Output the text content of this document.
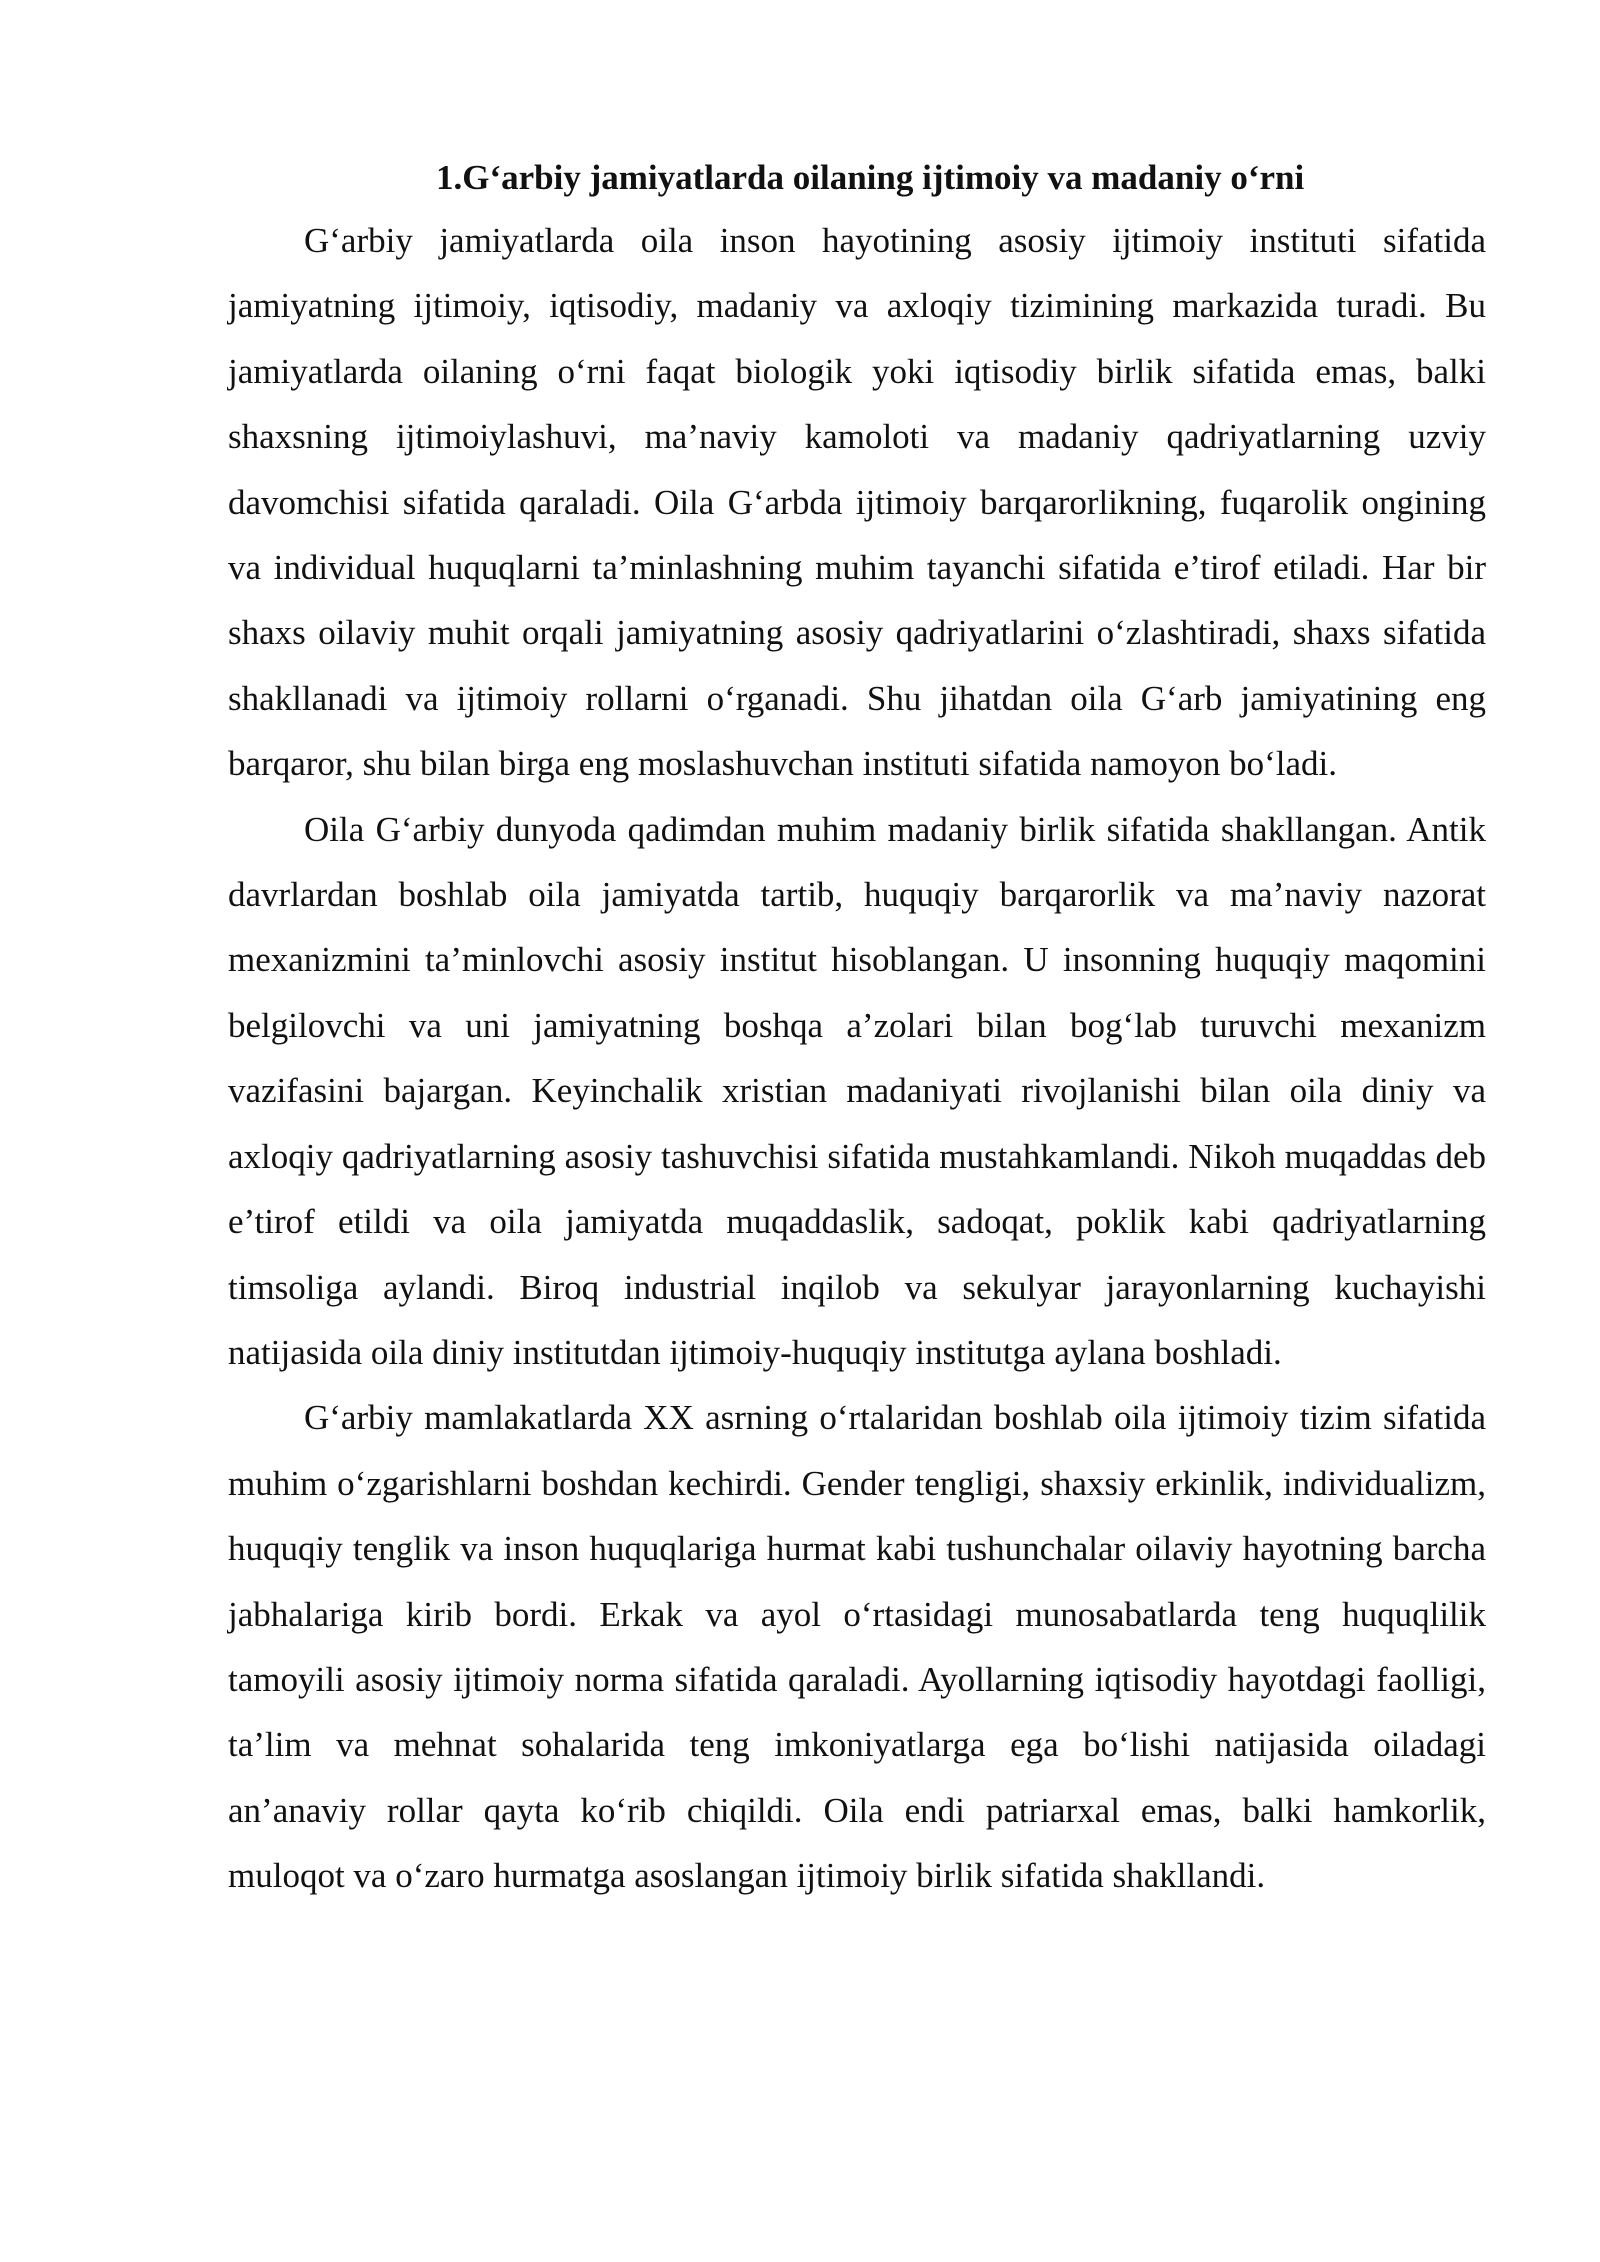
1.G‘arbiy jamiyatlarda oilaning ijtimoiy va madaniy o‘rni

G‘arbiy jamiyatlarda oila inson hayotining asosiy ijtimoiy instituti sifatida jamiyatning ijtimoiy, iqtisodiy, madaniy va axloqiy tizimining markazida turadi. Bu jamiyatlarda oilaning o‘rni faqat biologik yoki iqtisodiy birlik sifatida emas, balki shaxsning ijtimoiylashuvi, ma’naviy kamoloti va madaniy qadriyatlarning uzviy davomchisi sifatida qaraladi. Oila G‘arbda ijtimoiy barqarorlikning, fuqarolik ongining va individual huquqlarni ta’minlashning muhim tayanchi sifatida e’tirof etiladi. Har bir shaxs oilaviy muhit orqali jamiyatning asosiy qadriyatlarini o‘zlashtiradi, shaxs sifatida shakllanadi va ijtimoiy rollarni o‘rganadi. Shu jihatdan oila G‘arb jamiyatining eng barqaror, shu bilan birga eng moslashuvchan instituti sifatida namoyon bo‘ladi.

Oila G‘arbiy dunyoda qadimdan muhim madaniy birlik sifatida shakllangan. Antik davrlardan boshlab oila jamiyatda tartib, huquqiy barqarorlik va ma’naviy nazorat mexanizmini ta’minlovchi asosiy institut hisoblangan. U insonning huquqiy maqomini belgilovchi va uni jamiyatning boshqa a’zolari bilan bog‘lab turuvchi mexanizm vazifasini bajargan. Keyinchalik xristian madaniyati rivojlanishi bilan oila diniy va axloqiy qadriyatlarning asosiy tashuvchisi sifatida mustahkamlandi. Nikoh muqaddas deb e’tirof etildi va oila jamiyatda muqaddaslik, sadoqat, poklik kabi qadriyatlarning timsoliga aylandi. Biroq industrial inqilob va sekulyar jarayonlarning kuchayishi natijasida oila diniy institutdan ijtimoiy-huquqiy institutga aylana boshladi.

G‘arbiy mamlakatlarda XX asrning o‘rtalaridan boshlab oila ijtimoiy tizim sifatida muhim o‘zgarishlarni boshdan kechirdi. Gender tengligi, shaxsiy erkinlik, individualizm, huquqiy tenglik va inson huquqlariga hurmat kabi tushunchalar oilaviy hayotning barcha jabhalariga kirib bordi. Erkak va ayol o‘rtasidagi munosabatlarda teng huquqlilik tamoyili asosiy ijtimoiy norma sifatida qaraladi. Ayollarning iqtisodiy hayotdagi faolligi, ta’lim va mehnat sohalarida teng imkoniyatlarga ega bo‘lishi natijasida oiladagi an’anaviy rollar qayta ko‘rib chiqildi. Oila endi patriarxal emas, balki hamkorlik, muloqot va o‘zaro hurmatga asoslangan ijtimoiy birlik sifatida shakllandi.
